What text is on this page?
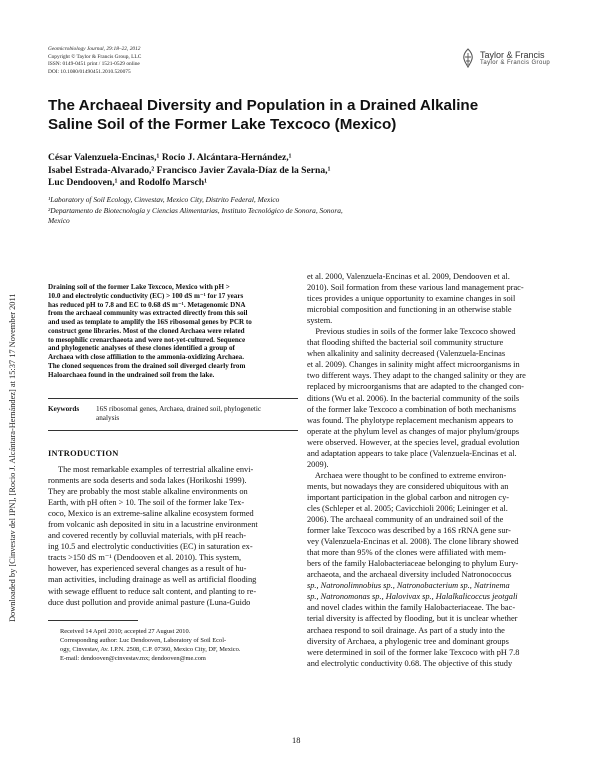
Downloaded by [Cinvestav del IPN], [Rocio J. Alcántara-Hernández] at 15:37 17 November 2011
Geomicrobiology Journal, 29:18–22, 2012
Copyright © Taylor & Francis Group, LLC
ISSN: 0149-0451 print / 1521-0529 online
DOI: 10.1080/01490451.2010.520075
Taylor & Francis
Taylor & Francis Group
The Archaeal Diversity and Population in a Drained Alkaline
Saline Soil of the Former Lake Texcoco (Mexico)
César Valenzuela-Encinas,¹ Rocio J. Alcántara-Hernández,¹
Isabel Estrada-Alvarado,² Francisco Javier Zavala-Díaz de la Serna,¹
Luc Dendooven,¹ and Rodolfo Marsch¹
¹Laboratory of Soil Ecology, Cinvestav, Mexico City, Distrito Federal, Mexico
²Departamento de Biotecnología y Ciencias Alimentarias, Instituto Tecnológico de Sonora, Sonora,
Mexico
Draining soil of the former Lake Texcoco, Mexico with pH >
10.0 and electrolytic conductivity (EC) > 100 dS m⁻¹ for 17 years
has reduced pH to 7.8 and EC to 0.68 dS m⁻¹. Metagenomic DNA
from the archaeal community was extracted directly from this soil
and used as template to amplify the 16S ribosomal genes by PCR to
construct gene libraries. Most of the cloned Archaea were related
to mesophilic crenarchaeota and were not-yet-cultured. Sequence
and phylogenetic analyses of these clones identified a group of
Archaea with close affiliation to the ammonia-oxidizing Archaea.
The cloned sequences from the drained soil diverged clearly from
Haloarchaea found in the undrained soil from the lake.
Keywords 16S ribosomal genes, Archaea, drained soil, phylogenetic
analysis
INTRODUCTION
The most remarkable examples of terrestrial alkaline envi-
ronments are soda deserts and soda lakes (Horikoshi 1999).
They are probably the most stable alkaline environments on
Earth, with pH often > 10. The soil of the former lake Tex-
coco, Mexico is an extreme-saline alkaline ecosystem formed
from volcanic ash deposited in situ in a lacustrine environment
and covered recently by colluvial materials, with pH reach-
ing 10.5 and electrolytic conductivities (EC) in saturation ex-
tracts >150 dS m⁻¹ (Dendooven et al. 2010). This system,
however, has experienced several changes as a result of hu-
man activities, including drainage as well as artificial flooding
with sewage effluent to reduce salt content, and planting to re-
duce dust pollution and provide animal pasture (Luna-Guido
et al. 2000, Valenzuela-Encinas et al. 2009, Dendooven et al.
2010). Soil formation from these various land management prac-
tices provides a unique opportunity to examine changes in soil
microbial composition and functioning in an otherwise stable
system.
Previous studies in soils of the former lake Texcoco showed
that flooding shifted the bacterial soil community structure
when alkalinity and salinity decreased (Valenzuela-Encinas
et al. 2009). Changes in salinity might affect microorganisms in
two different ways. They adapt to the changed salinity or they are
replaced by microorganisms that are adapted to the changed con-
ditions (Wu et al. 2006). In the bacterial community of the soils
of the former lake Texcoco a combination of both mechanisms
was found. The phylotype replacement mechanism appears to
operate at the phylum level as changes of major phylum/groups
were observed. However, at the species level, gradual evolution
and adaptation appears to take place (Valenzuela-Encinas et al.
2009).
Archaea were thought to be confined to extreme environ-
ments, but nowadays they are considered ubiquitous with an
important participation in the global carbon and nitrogen cy-
cles (Schleper et al. 2005; Cavicchioli 2006; Leininger et al.
2006). The archaeal community of an undrained soil of the
former lake Texcoco was described by a 16S rRNA gene sur-
vey (Valenzuela-Encinas et al. 2008). The clone library showed
that more than 95% of the clones were affiliated with mem-
bers of the family Halobacteriaceae belonging to phylum Eury-
archaeota, and the archaeal diversity included Natronococcus
sp., Natronolimnobius sp., Natronobacterium sp., Natrinema
sp., Natronomonas sp., Halovivax sp., Halalkalicoccus jeotgali
and novel clades within the family Halobacteriaceae. The bac-
terial diversity is affected by flooding, but it is unclear whether
archaea respond to soil drainage. As part of a study into the
diversity of Archaea, a phylogenic tree and dominant groups
were determined in soil of the former lake Texcoco with pH 7.8
and electrolytic conductivity 0.68. The objective of this study
Received 14 April 2010; accepted 27 August 2010.
Corresponding author: Luc Dendooven, Laboratory of Soil Ecol-
ogy, Cinvestav, Av. I.P.N. 2508, C.P. 07360, Mexico City, DF, Mexico.
E-mail: dendooven@cinvestav.mx; dendooven@me.com
18
